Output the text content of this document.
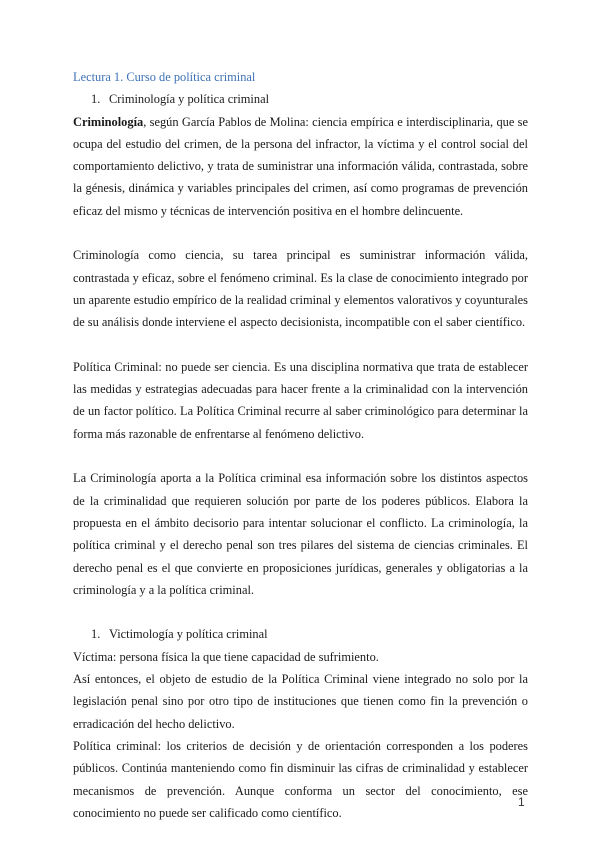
Lectura 1. Curso de política criminal

1. Criminología y política criminal

Criminología, según García Pablos de Molina: ciencia empírica e interdisciplinaria, que se ocupa del estudio del crimen, de la persona del infractor, la víctima y el control social del comportamiento delictivo, y trata de suministrar una información válida, contrastada, sobre la génesis, dinámica y variables principales del crimen, así como programas de prevención eficaz del mismo y técnicas de intervención positiva en el hombre delincuente.

Criminología como ciencia, su tarea principal es suministrar información válida, contrastada y eficaz, sobre el fenómeno criminal. Es la clase de conocimiento integrado por un aparente estudio empírico de la realidad criminal y elementos valorativos y coyunturales de su análisis donde interviene el aspecto decisionista, incompatible con el saber científico.

Política Criminal: no puede ser ciencia. Es una disciplina normativa que trata de establecer las medidas y estrategias adecuadas para hacer frente a la criminalidad con la intervención de un factor político. La Política Criminal recurre al saber criminológico para determinar la forma más razonable de enfrentarse al fenómeno delictivo.

La Criminología aporta a la Política criminal esa información sobre los distintos aspectos de la criminalidad que requieren solución por parte de los poderes públicos. Elabora la propuesta en el ámbito decisorio para intentar solucionar el conflicto. La criminología, la política criminal y el derecho penal son tres pilares del sistema de ciencias criminales. El derecho penal es el que convierte en proposiciones jurídicas, generales y obligatorias a la criminología y a la política criminal.

1. Victimología y política criminal

Víctima: persona física la que tiene capacidad de sufrimiento.

Así entonces, el objeto de estudio de la Política Criminal viene integrado no solo por la legislación penal sino por otro tipo de instituciones que tienen como fin la prevención o erradicación del hecho delictivo.

Política criminal: los criterios de decisión y de orientación corresponden a los poderes públicos. Continúa manteniendo como fin disminuir las cifras de criminalidad y establecer mecanismos de prevención. Aunque conforma un sector del conocimiento, ese conocimiento no puede ser calificado como científico.

1
